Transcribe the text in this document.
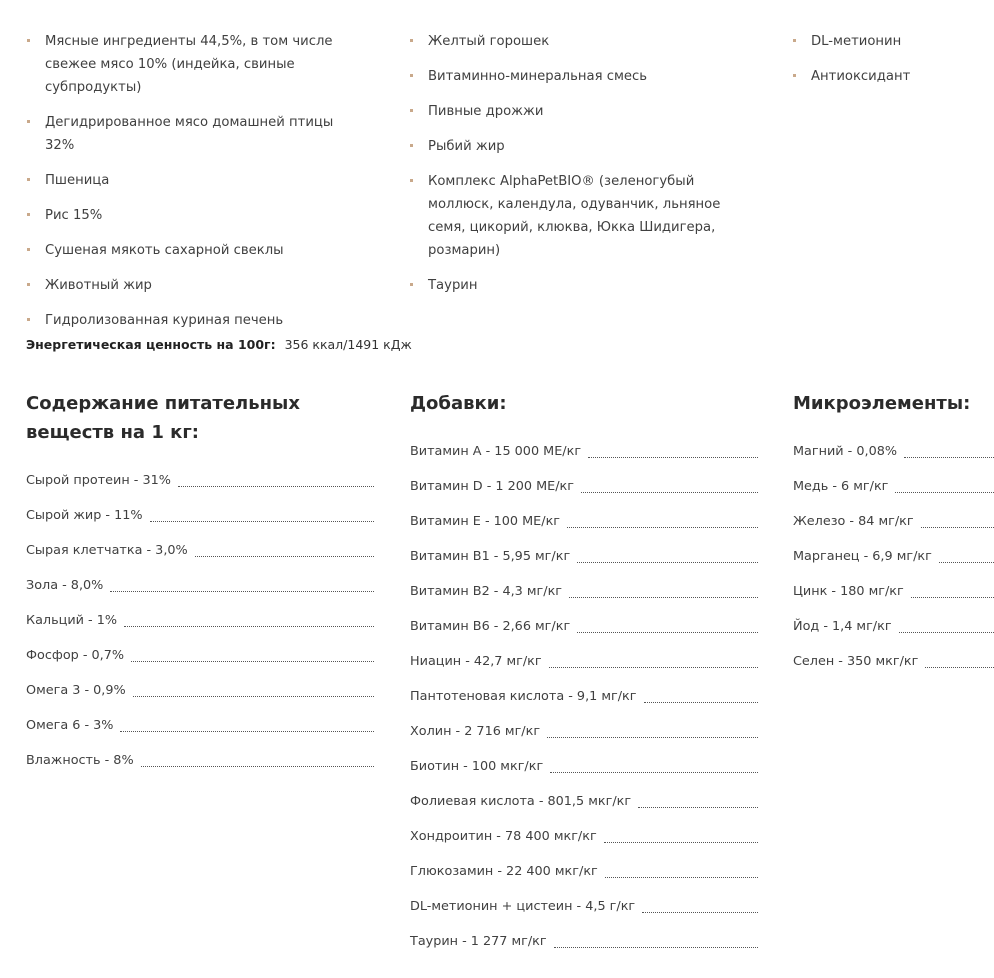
Мясные ингредиенты 44,5%, в том числе свежее мясо 10% (индейка, свиные субпродукты)
Дегидрированное мясо домашней птицы 32%
Пшеница
Рис 15%
Сушеная мякоть сахарной свеклы
Животный жир
Гидролизованная куриная печень
Желтый горошек
Витаминно-минеральная смесь
Пивные дрожжи
Рыбий жир
Комплекс AlphaPetBIO® (зеленогубый моллюск, календула, одуванчик, льняное семя, цикорий, клюква, Юкка Шидигера, розмарин)
Таурин
DL-метионин
Антиоксидант
Энергетическая ценность на 100г: 356 ккал/1491 кДж
Содержание питательных веществ на 1 кг:
Сырой протеин - 31%
Сырой жир - 11%
Сырая клетчатка - 3,0%
Зола - 8,0%
Кальций - 1%
Фосфор - 0,7%
Омега 3 - 0,9%
Омега 6 - 3%
Влажность - 8%
Добавки:
Витамин А - 15 000 МЕ/кг
Витамин D - 1 200 МЕ/кг
Витамин Е - 100 МЕ/кг
Витамин В1 - 5,95 мг/кг
Витамин В2 - 4,3 мг/кг
Витамин В6 - 2,66 мг/кг
Ниацин - 42,7 мг/кг
Пантотеновая кислота - 9,1 мг/кг
Холин - 2 716 мг/кг
Биотин - 100 мкг/кг
Фолиевая кислота - 801,5 мкг/кг
Хондроитин - 78 400 мкг/кг
Глюкозамин - 22 400 мкг/кг
DL-метионин + цистеин - 4,5 г/кг
Таурин - 1 277 мг/кг
Микроэлементы:
Магний - 0,08%
Медь - 6 мг/кг
Железо - 84 мг/кг
Марганец - 6,9 мг/кг
Цинк - 180 мг/кг
Йод - 1,4 мг/кг
Селен - 350 мкг/кг
